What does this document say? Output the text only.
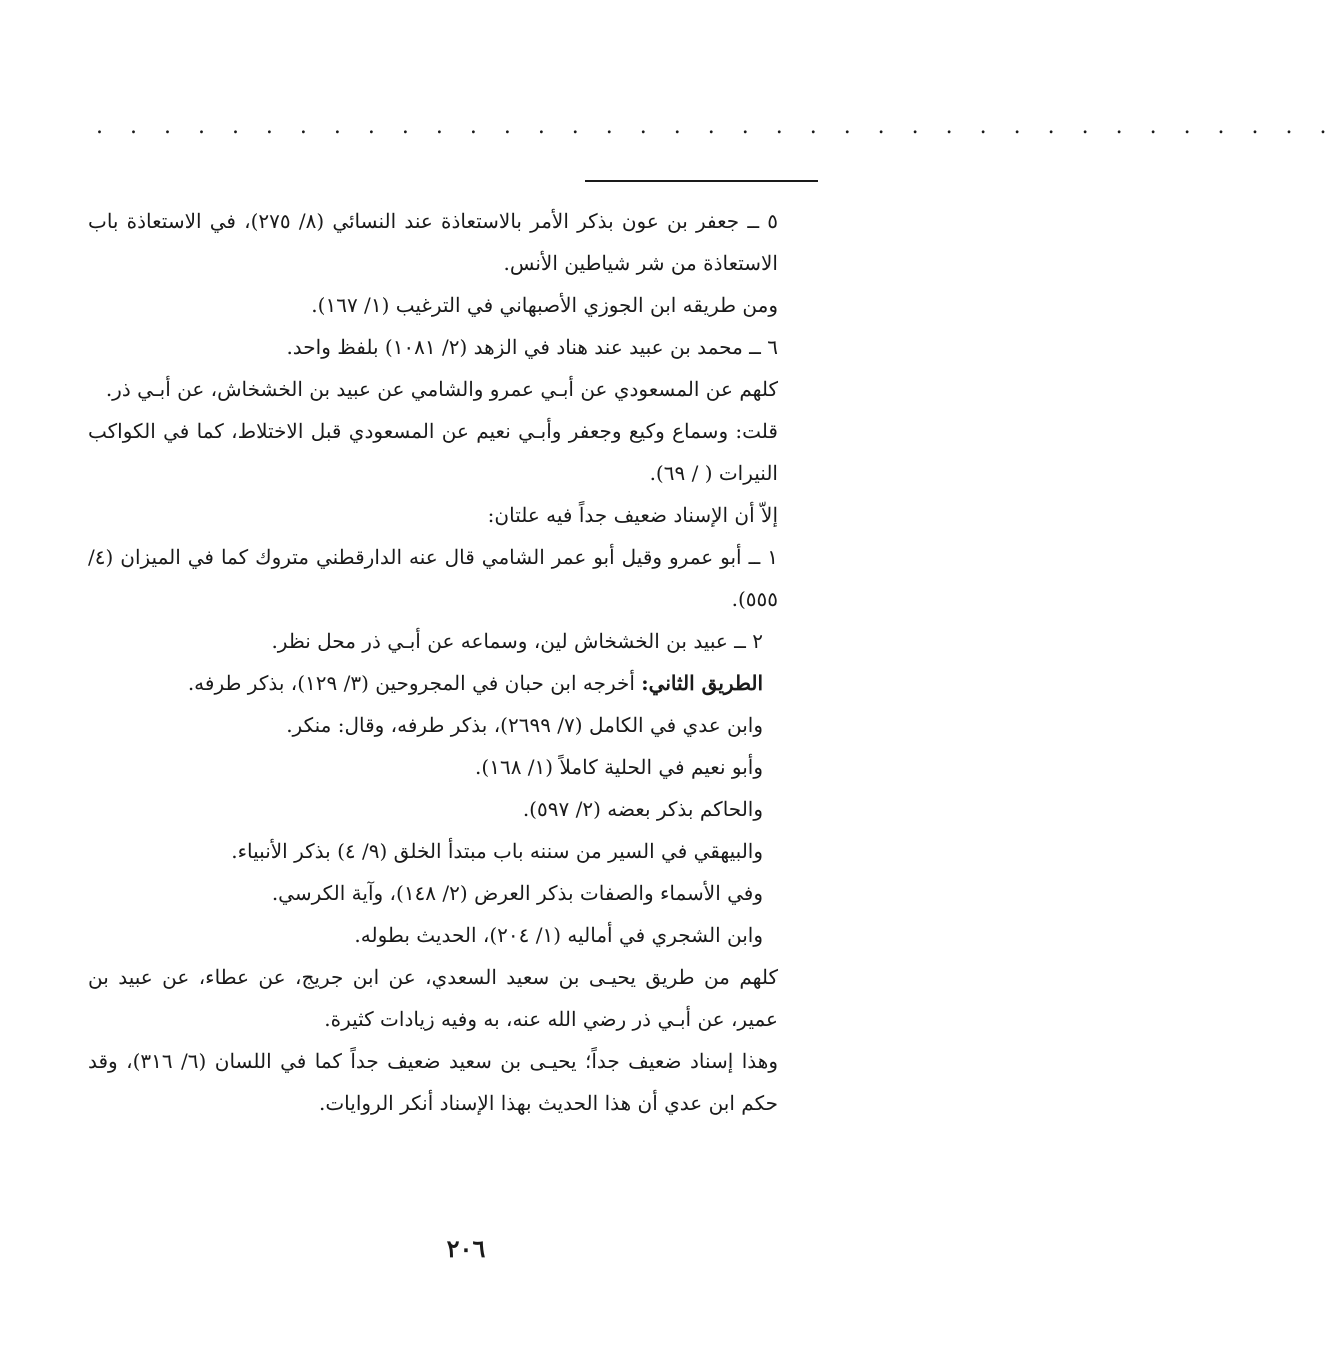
. . . . . . . . . . . . . . . . . . . . . . . . . . . . . . . . . . . . .

٥ ــ جعفر بن عون بذكر الأمر بالاستعاذة عند النسائي (٨/ ٢٧٥)، في الاستعاذة باب الاستعاذة من شر شياطين الأنس.

ومن طريقه ابن الجوزي الأصبهاني في الترغيب (١/ ١٦٧).

٦ ــ محمد بن عبيد عند هناد في الزهد (٢/ ١٠٨١) بلفظ واحد.

كلهم عن المسعودي عن أبـي عمرو والشامي عن عبيد بن الخشخاش، عن أبـي ذر.

قلت: وسماع وكيع وجعفر وأبـي نعيم عن المسعودي قبل الاختلاط، كما في الكواكب النيرات ( / ٦٩).

إلاّ أن الإسناد ضعيف جداً فيه علتان:

١ ــ أبو عمرو وقيل أبو عمر الشامي قال عنه الدارقطني متروك كما في الميزان (٤/ ٥٥٥).

٢ ــ عبيد بن الخشخاش لين، وسماعه عن أبـي ذر محل نظر.

الطريق الثاني: أخرجه ابن حبان في المجروحين (٣/ ١٢٩)، بذكر طرفه.

وابن عدي في الكامل (٧/ ٢٦٩٩)، بذكر طرفه، وقال: منكر.

وأبو نعيم في الحلية كاملاً (١/ ١٦٨).

والحاكم بذكر بعضه (٢/ ٥٩٧).

والبيهقي في السير من سننه باب مبتدأ الخلق (٩/ ٤) بذكر الأنبياء.

وفي الأسماء والصفات بذكر العرض (٢/ ١٤٨)، وآية الكرسي.

وابن الشجري في أماليه (١/ ٢٠٤)، الحديث بطوله.

كلهم من طريق يحيـى بن سعيد السعدي، عن ابن جريج، عن عطاء، عن عبيد بن عمير، عن أبـي ذر رضي الله عنه، به وفيه زيادات كثيرة.

وهذا إسناد ضعيف جداً؛ يحيـى بن سعيد ضعيف جداً كما في اللسان (٦/ ٣١٦)، وقد حكم ابن عدي أن هذا الحديث بهذا الإسناد أنكر الروايات.

٢٠٦
